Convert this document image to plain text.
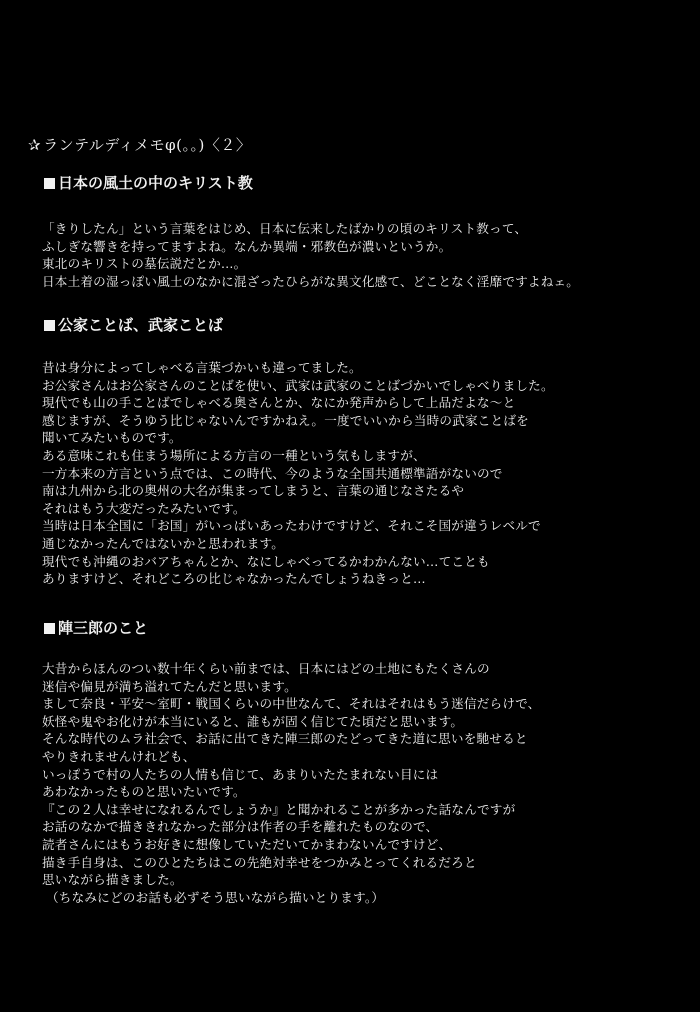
✰ ランテルディメモφ(。。)〈２〉
日本の風土の中のキリスト教
「きりしたん」という言葉をはじめ、日本に伝来したばかりの頃のキリスト教って、
ふしぎな響きを持ってますよね。なんか異端・邪教色が濃いというか。
東北のキリストの墓伝説だとか…。
日本土着の湿っぽい風土のなかに混ざったひらがな異文化感て、どことなく淫靡ですよねェ。
公家ことば、武家ことば
昔は身分によってしゃべる言葉づかいも違ってました。
お公家さんはお公家さんのことばを使い、武家は武家のことばづかいでしゃべりました。
現代でも山の手ことばでしゃべる奥さんとか、なにか発声からして上品だよな〜と
感じますが、そうゆう比じゃないんですかねえ。一度でいいから当時の武家ことばを
聞いてみたいものです。
ある意味これも住まう場所による方言の一種という気もしますが、
一方本来の方言という点では、この時代、今のような全国共通標準語がないので
南は九州から北の奥州の大名が集まってしまうと、言葉の通じなさたるや
それはもう大変だったみたいです。
当時は日本全国に「お国」がいっぱいあったわけですけど、それこそ国が違うレベルで
通じなかったんではないかと思われます。
現代でも沖縄のおバアちゃんとか、なにしゃべってるかわかんない…てことも
ありますけど、それどころの比じゃなかったんでしょうねきっと…
陣三郎のこと
大昔からほんのつい数十年くらい前までは、日本にはどの土地にもたくさんの
迷信や偏見が満ち溢れてたんだと思います。
まして奈良・平安〜室町・戦国くらいの中世なんて、それはそれはもう迷信だらけで、
妖怪や鬼やお化けが本当にいると、誰もが固く信じてた頃だと思います。
そんな時代のムラ社会で、お話に出てきた陣三郎のたどってきた道に思いを馳せると
やりきれませんけれども、
いっぽうで村の人たちの人情も信じて、あまりいたたまれない目には
あわなかったものと思いたいです。
『この２人は幸せになれるんでしょうか』と聞かれることが多かった話なんですが
お話のなかで描ききれなかった部分は作者の手を離れたものなので、
読者さんにはもうお好きに想像していただいてかまわないんですけど、
描き手自身は、このひとたちはこの先絶対幸せをつかみとってくれるだろと
思いながら描きました。
（ちなみにどのお話も必ずそう思いながら描いとります。）
